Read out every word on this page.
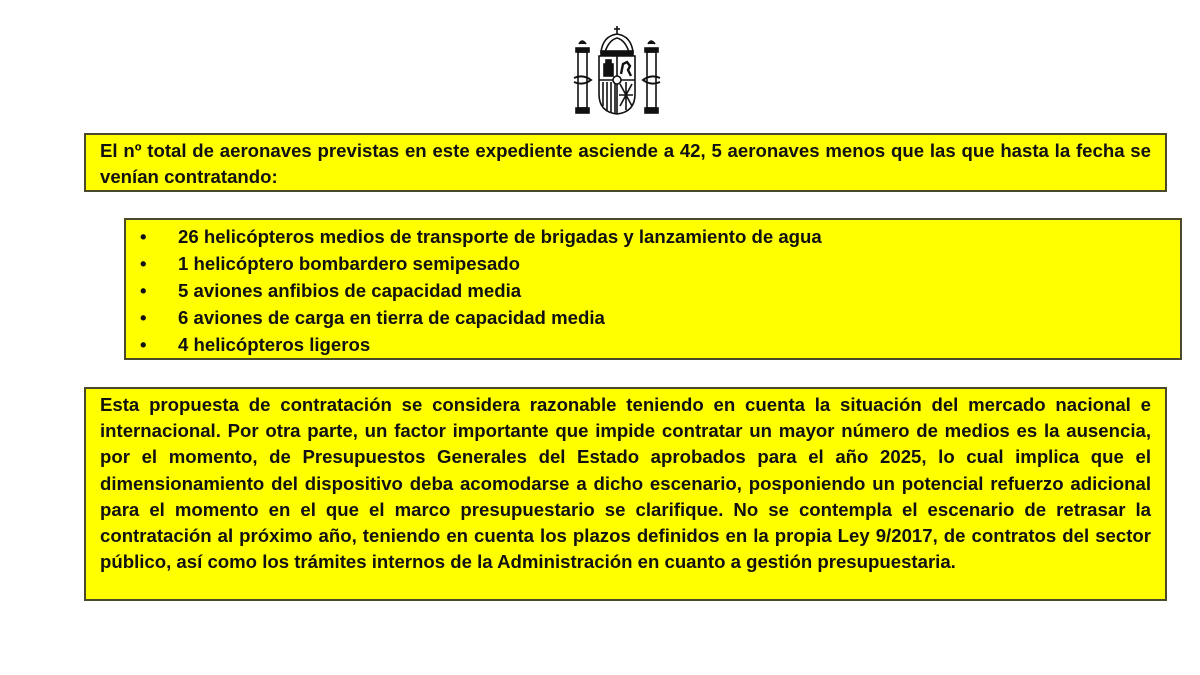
El nº total de aeronaves previstas en este expediente asciende a 42, 5 aeronaves menos que las que hasta la fecha se venían contratando:

• 26 helicópteros medios de transporte de brigadas y lanzamiento de agua
• 1 helicóptero bombardero semipesado
• 5 aviones anfibios de capacidad media
• 6 aviones de carga en tierra de capacidad media
• 4 helicópteros ligeros

Esta propuesta de contratación se considera razonable teniendo en cuenta la situación del mercado nacional e internacional. Por otra parte, un factor importante que impide contratar un mayor número de medios es la ausencia, por el momento, de Presupuestos Generales del Estado aprobados para el año 2025, lo cual implica que el dimensionamiento del dispositivo deba acomodarse a dicho escenario, posponiendo un potencial refuerzo adicional para el momento en el que el marco presupuestario se clarifique. No se contempla el escenario de retrasar la contratación al próximo año, teniendo en cuenta los plazos definidos en la propia Ley 9/2017, de contratos del sector público, así como los trámites internos de la Administración en cuanto a gestión presupuestaria.
